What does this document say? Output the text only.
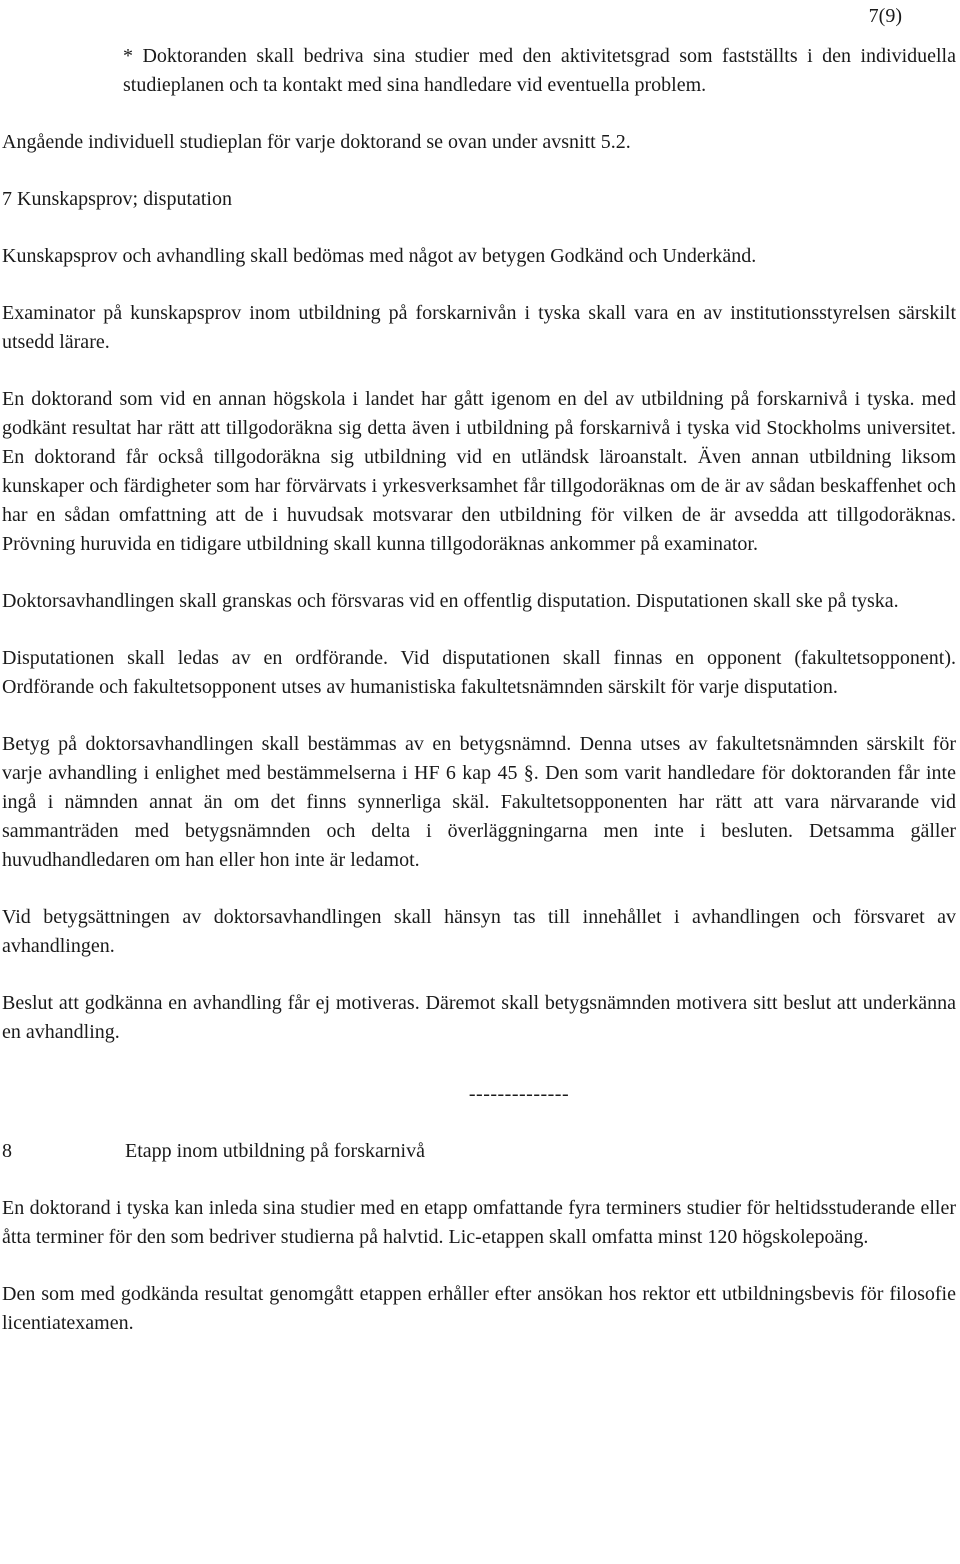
7(9)

* Doktoranden skall bedriva sina studier med den aktivitetsgrad som fastställts i den individuella studieplanen och ta kontakt med sina handledare vid eventuella problem.

Angående individuell studieplan för varje doktorand se ovan under avsnitt 5.2.

7 Kunskapsprov; disputation

Kunskapsprov och avhandling skall bedömas med något av betygen Godkänd och Underkänd.

Examinator på kunskapsprov inom utbildning på forskarnivån i tyska skall vara en av institutionsstyrelsen särskilt utsedd lärare.

En doktorand som vid en annan högskola i landet har gått igenom en del av utbildning på forskarnivå i tyska. med godkänt resultat har rätt att tillgodoräkna sig detta även i utbildning på forskarnivå i tyska vid Stockholms universitet. En doktorand får också tillgodoräkna sig utbildning vid en utländsk läroanstalt. Även annan utbildning liksom kunskaper och färdigheter som har förvärvats i yrkesverksamhet får tillgodoräknas om de är av sådan beskaffenhet och har en sådan omfattning att de i huvudsak motsvarar den utbildning för vilken de är avsedda att tillgodoräknas. Prövning huruvida en tidigare utbildning skall kunna tillgodoräknas ankommer på examinator.

Doktorsavhandlingen skall granskas och försvaras vid en offentlig disputation. Disputationen skall ske på tyska.

Disputationen skall ledas av en ordförande. Vid disputationen skall finnas en opponent (fakultetsopponent). Ordförande och fakultetsopponent utses av humanistiska fakultetsnämnden särskilt för varje disputation.

Betyg på doktorsavhandlingen skall bestämmas av en betygsnämnd. Denna utses av fakultetsnämnden särskilt för varje avhandling i enlighet med bestämmelserna i HF 6 kap 45 §. Den som varit handledare för doktoranden får inte ingå i nämnden annat än om det finns synnerliga skäl. Fakultetsopponenten har rätt att vara närvarande vid sammanträden med betygsnämnden och delta i överläggningarna men inte i besluten. Detsamma gäller huvudhandledaren om han eller hon inte är ledamot.

Vid betygsättningen av doktorsavhandlingen skall hänsyn tas till innehållet i avhandlingen och försvaret av avhandlingen.

Beslut att godkänna en avhandling får ej motiveras. Däremot skall betygsnämnden motivera sitt beslut att underkänna en avhandling.

--------------

8	Etapp inom utbildning på forskarnivå

En doktorand i tyska kan inleda sina studier med en etapp omfattande fyra terminers studier för heltidsstuderande eller åtta terminer för den som bedriver studierna på halvtid. Lic-etappen skall omfatta minst 120 högskolepoäng.

Den som med godkända resultat genomgått etappen erhåller efter ansökan hos rektor ett utbildningsbevis för filosofie licentiatexamen.
